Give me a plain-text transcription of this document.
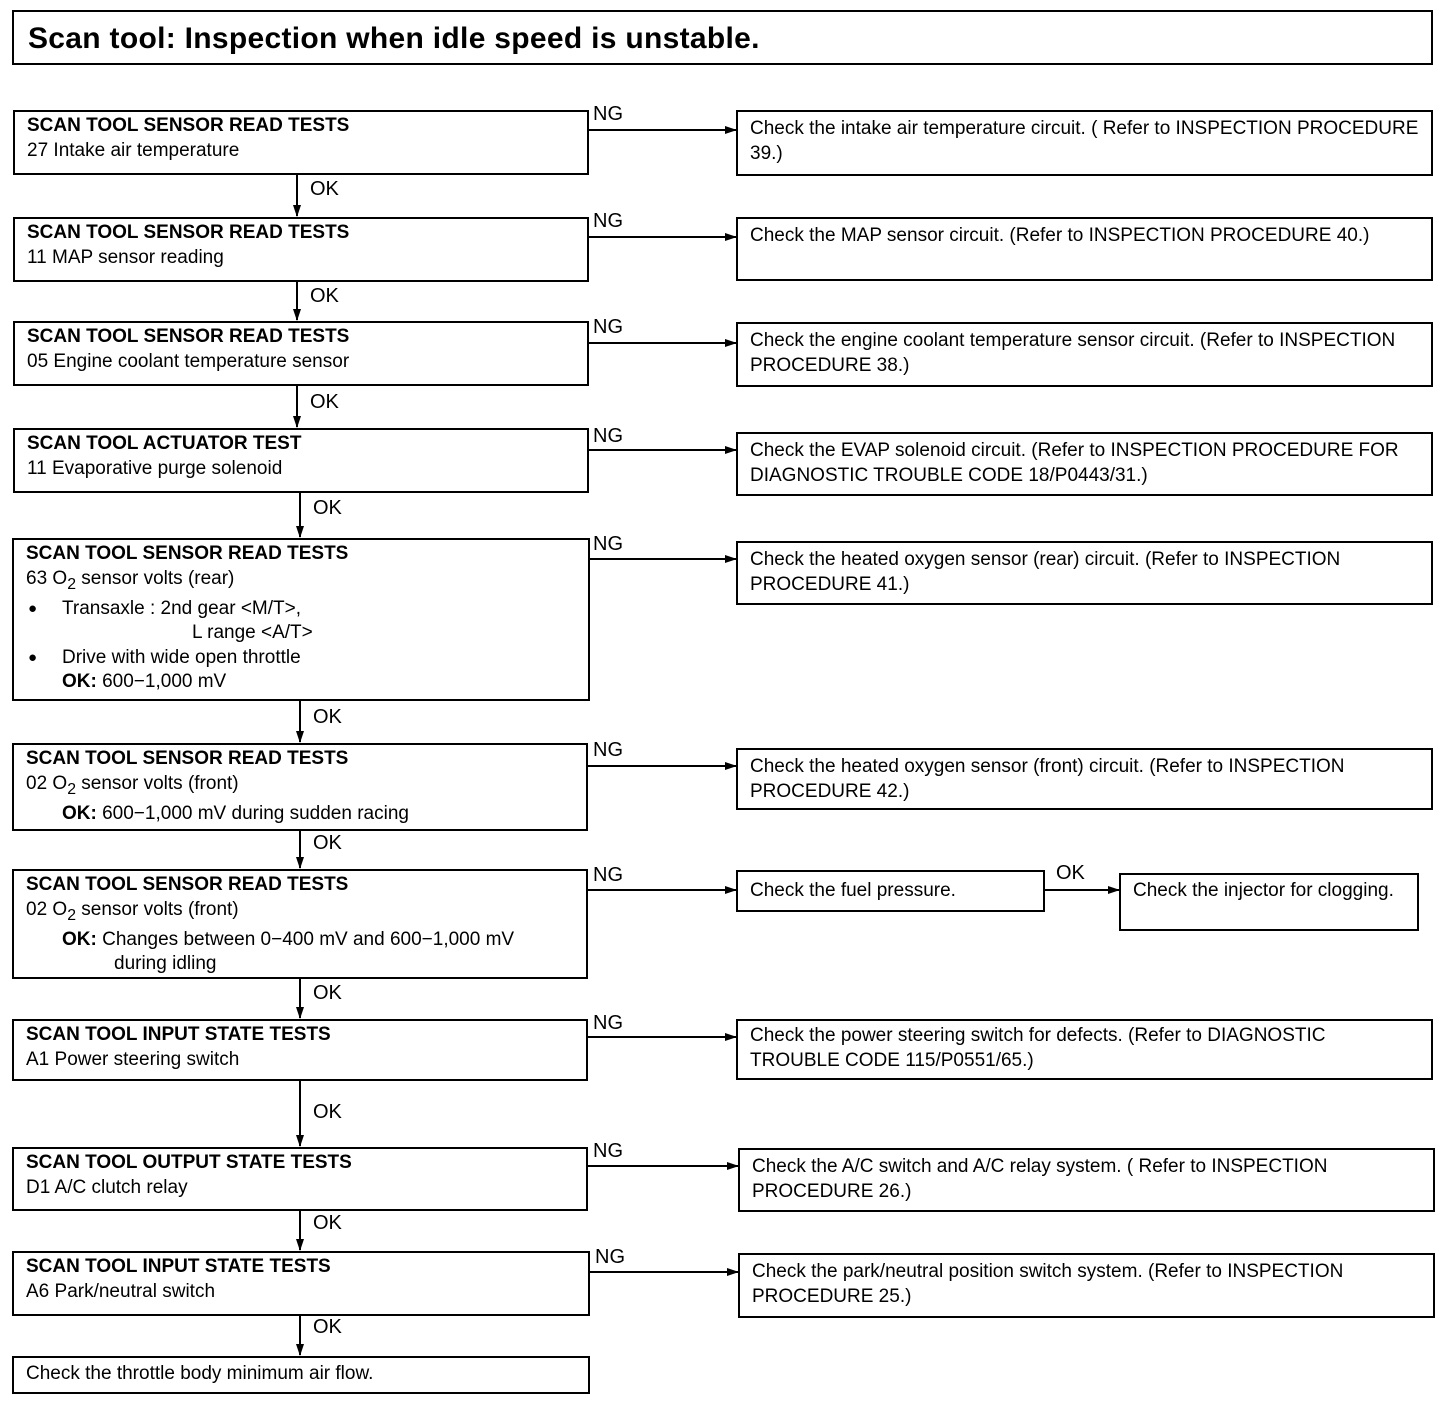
Scan tool: Inspection when idle speed is unstable.
SCAN TOOL SENSOR READ TESTS
27 Intake air temperature
Check the intake air temperature circuit. ( Refer to INSPECTION PROCEDURE 39.)
SCAN TOOL SENSOR READ TESTS
11 MAP sensor reading
Check the MAP sensor circuit. (Refer to INSPECTION PROCEDURE 40.)
SCAN TOOL SENSOR READ TESTS
05 Engine coolant temperature sensor
Check the engine coolant temperature sensor circuit. (Refer to INSPECTION PROCEDURE 38.)
SCAN TOOL ACTUATOR TEST
11 Evaporative purge solenoid
Check the EVAP solenoid circuit. (Refer to INSPECTION PROCEDURE FOR DIAGNOSTIC TROUBLE CODE 18/P0443/31.)
SCAN TOOL SENSOR READ TESTS
63 $O_2$ sensor volts (rear)
● Transaxle : 2nd gear <M/T>,
L range <A/T>
● Drive with wide open throttle
OK: 600−1,000 mV
Check the heated oxygen sensor (rear) circuit. (Refer to INSPECTION PROCEDURE 41.)
SCAN TOOL SENSOR READ TESTS
02 $O_2$ sensor volts (front)
OK: 600−1,000 mV during sudden racing
Check the heated oxygen sensor (front) circuit. (Refer to INSPECTION PROCEDURE 42.)
SCAN TOOL SENSOR READ TESTS
02 $O_2$ sensor volts (front)
OK: Changes between 0−400 mV and 600−1,000 mV
during idling
Check the fuel pressure.	Check the injector for clogging.
SCAN TOOL INPUT STATE TESTS
A1 Power steering switch
Check the power steering switch for defects. (Refer to DIAGNOSTIC TROUBLE CODE 115/P0551/65.)
SCAN TOOL OUTPUT STATE TESTS
D1 A/C clutch relay
Check the A/C switch and A/C relay system. ( Refer to INSPECTION PROCEDURE 26.)
SCAN TOOL INPUT STATE TESTS
A6 Park/neutral switch
Check the park/neutral position switch system. (Refer to INSPECTION PROCEDURE 25.)
Check the throttle body minimum air flow.
OK
OK
OK
OK
OK
OK
OK
OK
OK
OK
OK
NG
NG
NG
NG
NG
NG
NG
NG
NG
NG
